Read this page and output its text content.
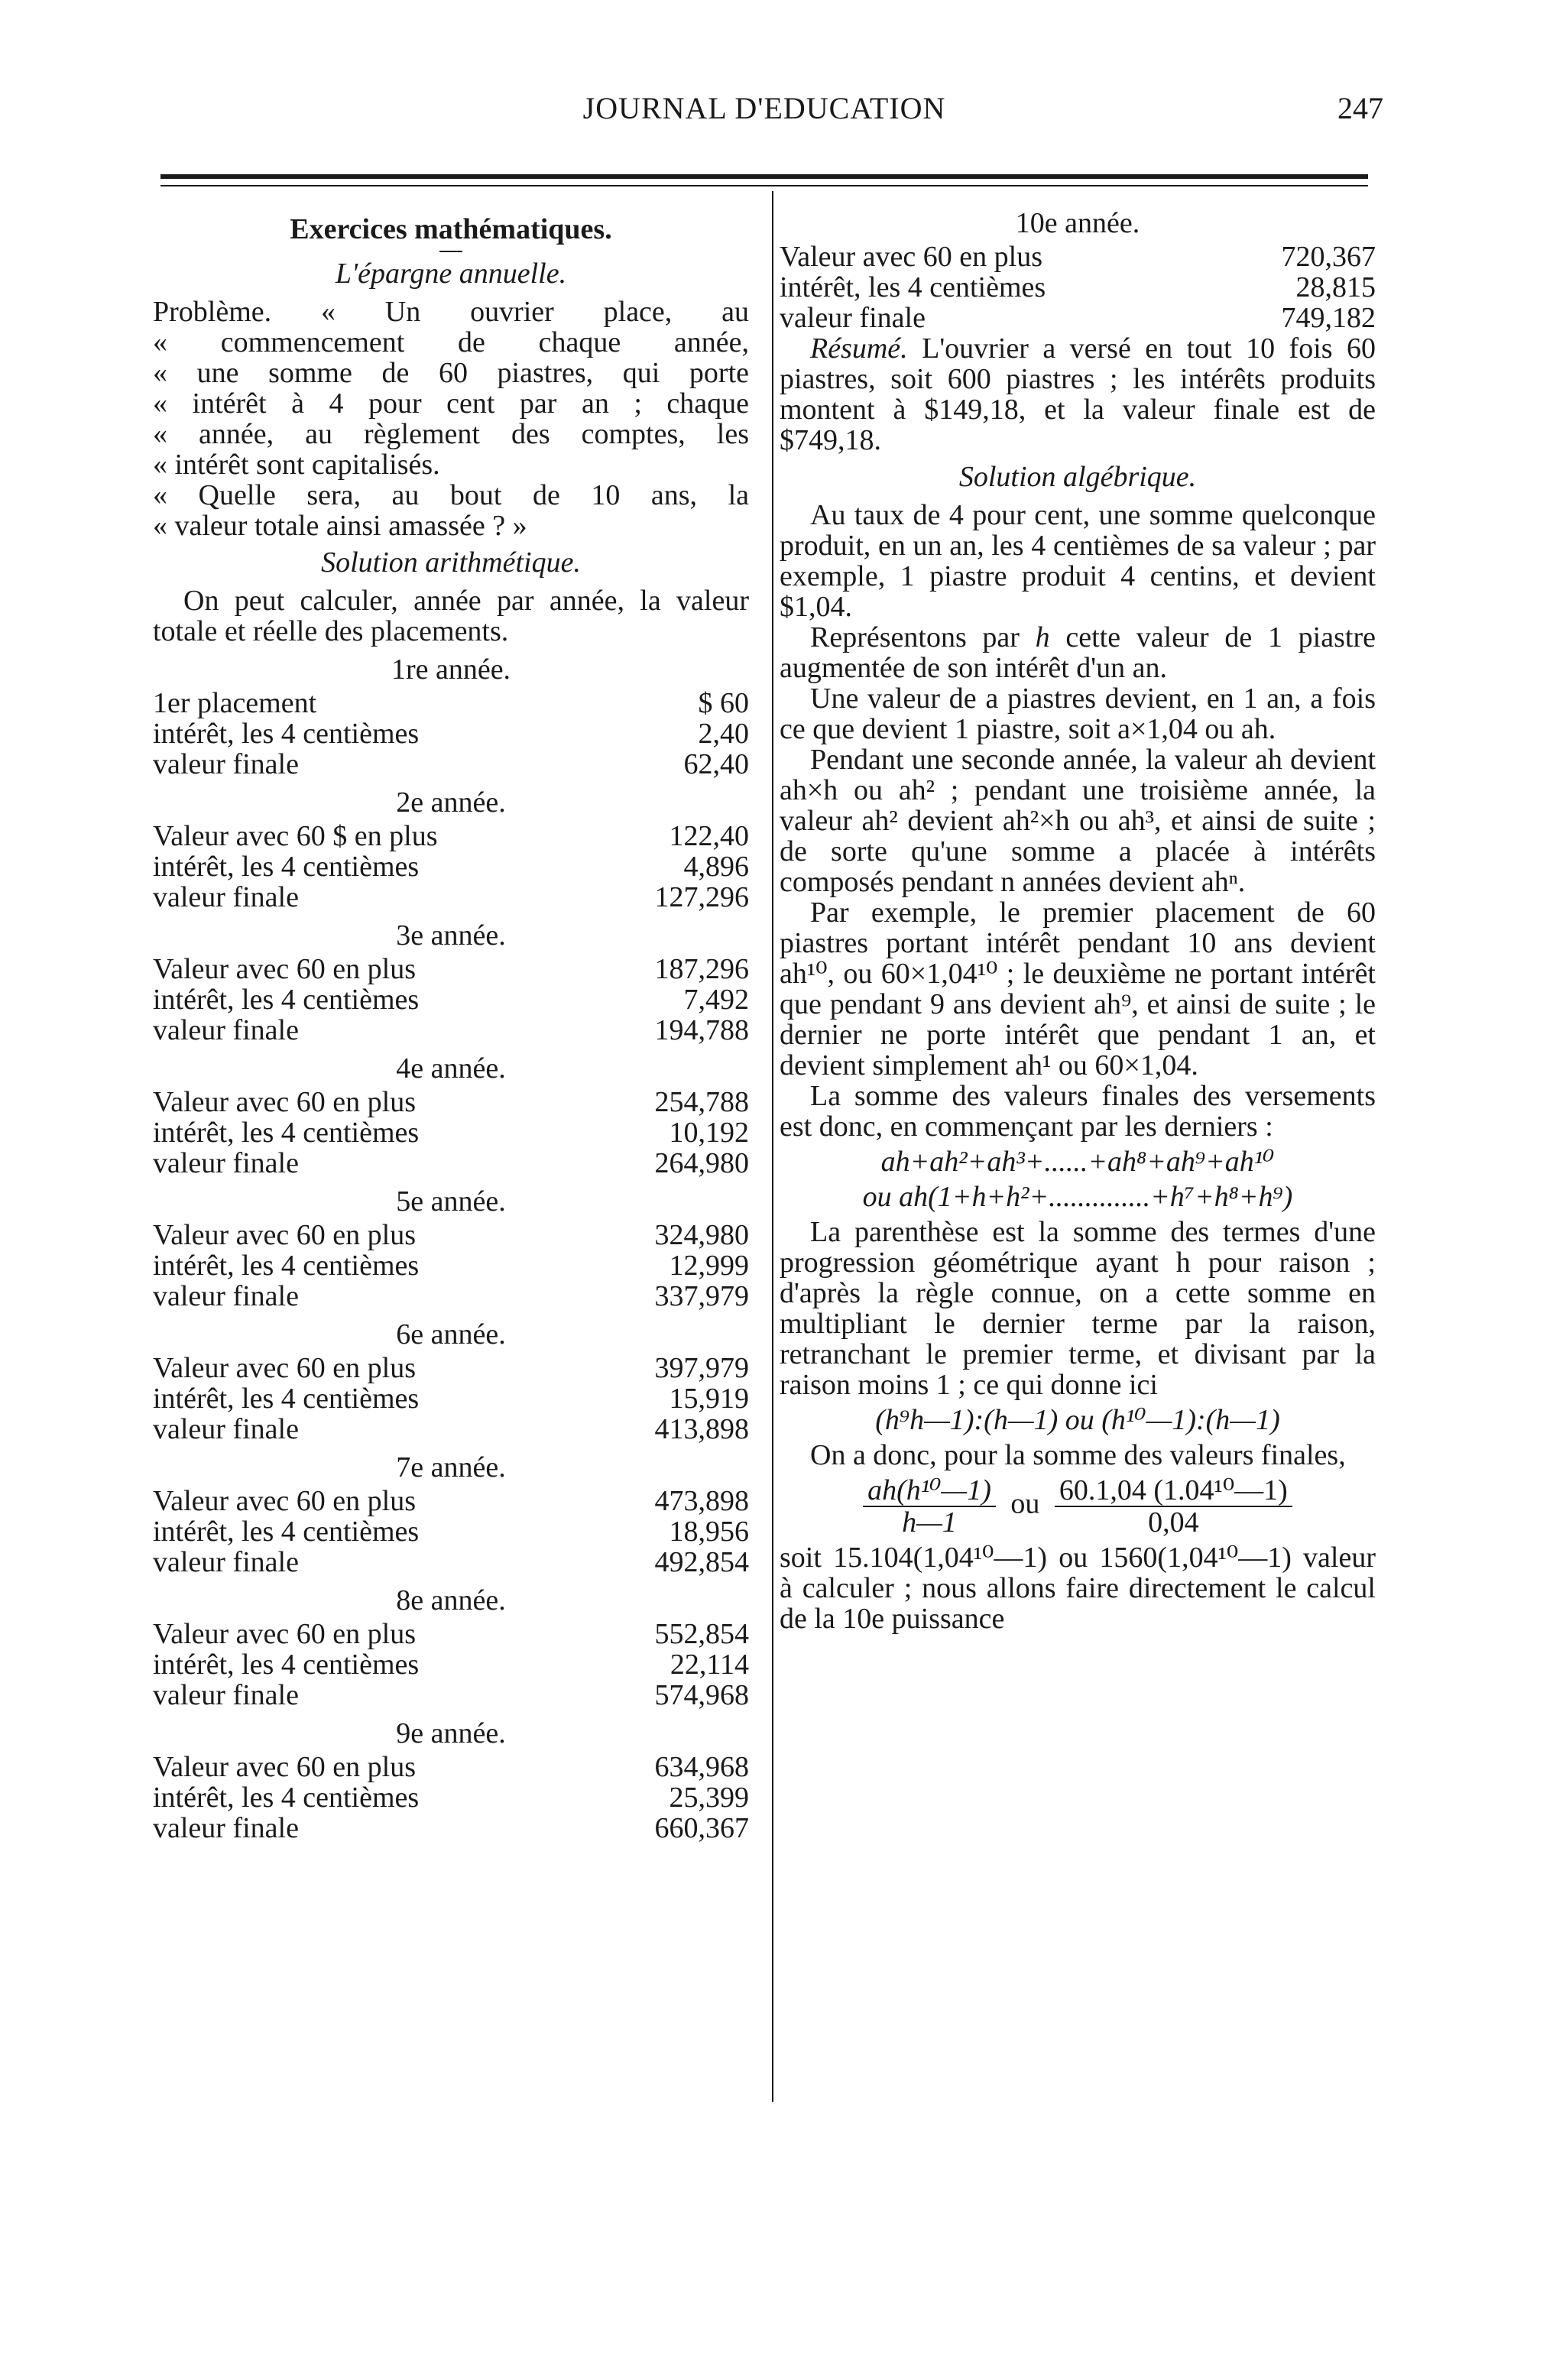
JOURNAL D'EDUCATION	247
Exercices mathématiques.
L'épargne annuelle.

Problème. « Un ouvrier place, au

« commencement de chaque année,

« une somme de 60 piastres, qui porte

« intérêt à 4 pour cent par an ; chaque

« année, au règlement des comptes, les

« intérêt sont capitalisés.

« Quelle sera, au bout de 10 ans, la

« valeur totale ainsi amassée ? »

Solution arithmétique.

On peut calculer, année par année, la valeur totale et réelle des placements.

1re année.
1er placement	$ 60
intérêt, les 4 centièmes	2,40
valeur finale	62,40
2e année.
Valeur avec 60 $ en plus	122,40
intérêt, les 4 centièmes	4,896
valeur finale	127,296
3e année.
Valeur avec 60 en plus	187,296
intérêt, les 4 centièmes	7,492
valeur finale	194,788
4e année.
Valeur avec 60 en plus	254,788
intérêt, les 4 centièmes	10,192
valeur finale	264,980
5e année.
Valeur avec 60 en plus	324,980
intérêt, les 4 centièmes	12,999
valeur finale	337,979
6e année.
Valeur avec 60 en plus	397,979
intérêt, les 4 centièmes	15,919
valeur finale	413,898
7e année.
Valeur avec 60 en plus	473,898
intérêt, les 4 centièmes	18,956
valeur finale	492,854
8e année.
Valeur avec 60 en plus	552,854
intérêt, les 4 centièmes	22,114
valeur finale	574,968
9e année.
Valeur avec 60 en plus	634,968
intérêt, les 4 centièmes	25,399
valeur finale	660,367
10e année.
Valeur avec 60 en plus	720,367
intérêt, les 4 centièmes	28,815
valeur finale	749,182

Résumé. L'ouvrier a versé en tout 10 fois 60 piastres, soit 600 piastres ; les intérêts produits montent à $149,18, et la valeur finale est de $749,18.

Solution algébrique.

Au taux de 4 pour cent, une somme quelconque produit, en un an, les 4 centièmes de sa valeur ; par exemple, 1 piastre produit 4 centins, et devient $1,04.

Représentons par h cette valeur de 1 piastre augmentée de son intérêt d'un an.

Une valeur de a piastres devient, en 1 an, a fois ce que devient 1 piastre, soit a×1,04 ou ah.

Pendant une seconde année, la valeur ah devient ah×h ou ah² ; pendant une troisième année, la valeur ah² devient ah²×h ou ah³, et ainsi de suite ; de sorte qu'une somme a placée à intérêts composés pendant n années devient ahⁿ.

Par exemple, le premier placement de 60 piastres portant intérêt pendant 10 ans devient ah¹⁰, ou 60×1,04¹⁰ ; le deuxième ne portant intérêt que pendant 9 ans devient ah⁹, et ainsi de suite ; le dernier ne porte intérêt que pendant 1 an, et devient simplement ah¹ ou 60×1,04.

La somme des valeurs finales des versements est donc, en commençant par les derniers :

ah+ah²+ah³+......+ah⁸+ah⁹+ah¹⁰
ou ah(1+h+h²+..............+h⁷+h⁸+h⁹)

La parenthèse est la somme des termes d'une progression géométrique ayant h pour raison ; d'après la règle connue, on a cette somme en multipliant le dernier terme par la raison, retranchant le premier terme, et divisant par la raison moins 1 ; ce qui donne ici

(h⁹h—1):(h—1) ou (h¹⁰—1):(h—1)

On a donc, pour la somme des valeurs finales,

$\frac{\text{ah(h¹⁰—1)}}{h—1}$ ou $\frac{\text{60.1,04 (1.04¹⁰—1)}}{0,04}$

soit 15.104(1,04¹⁰—1) ou 1560(1,04¹⁰—1) valeur à calculer ; nous allons faire directement le calcul de la 10e puissance
